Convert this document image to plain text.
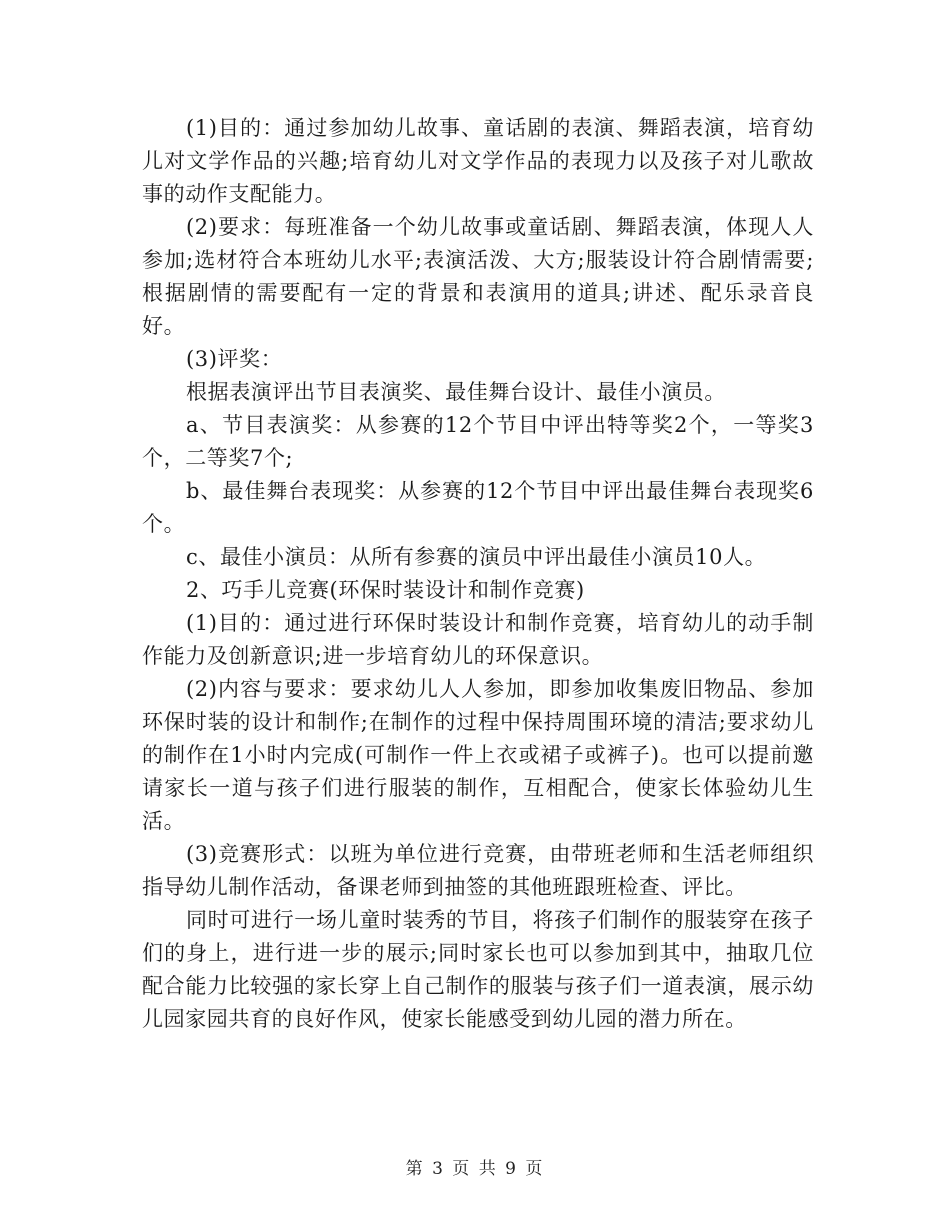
(1)目的：通过参加幼儿故事、童话剧的表演、舞蹈表演，培育幼儿对文学作品的兴趣;培育幼儿对文学作品的表现力以及孩子对儿歌故事的动作支配能力。

(2)要求：每班准备一个幼儿故事或童话剧、舞蹈表演，体现人人参加;选材符合本班幼儿水平;表演活泼、大方;服装设计符合剧情需要;根据剧情的需要配有一定的背景和表演用的道具;讲述、配乐录音良好。

(3)评奖：

根据表演评出节目表演奖、最佳舞台设计、最佳小演员。

a、节目表演奖：从参赛的12个节目中评出特等奖2个，一等奖3个，二等奖7个;

b、最佳舞台表现奖：从参赛的12个节目中评出最佳舞台表现奖6个。

c、最佳小演员：从所有参赛的演员中评出最佳小演员10人。

2、巧手儿竞赛(环保时装设计和制作竞赛)

(1)目的：通过进行环保时装设计和制作竞赛，培育幼儿的动手制作能力及创新意识;进一步培育幼儿的环保意识。

(2)内容与要求：要求幼儿人人参加，即参加收集废旧物品、参加环保时装的设计和制作;在制作的过程中保持周围环境的清洁;要求幼儿的制作在1小时内完成(可制作一件上衣或裙子或裤子)。也可以提前邀请家长一道与孩子们进行服装的制作，互相配合，使家长体验幼儿生活。

(3)竞赛形式：以班为单位进行竞赛，由带班老师和生活老师组织指导幼儿制作活动，备课老师到抽签的其他班跟班检查、评比。

同时可进行一场儿童时装秀的节目，将孩子们制作的服装穿在孩子们的身上，进行进一步的展示;同时家长也可以参加到其中，抽取几位配合能力比较强的家长穿上自己制作的服装与孩子们一道表演，展示幼儿园家园共育的良好作风，使家长能感受到幼儿园的潜力所在。

第 3 页 共 9 页
